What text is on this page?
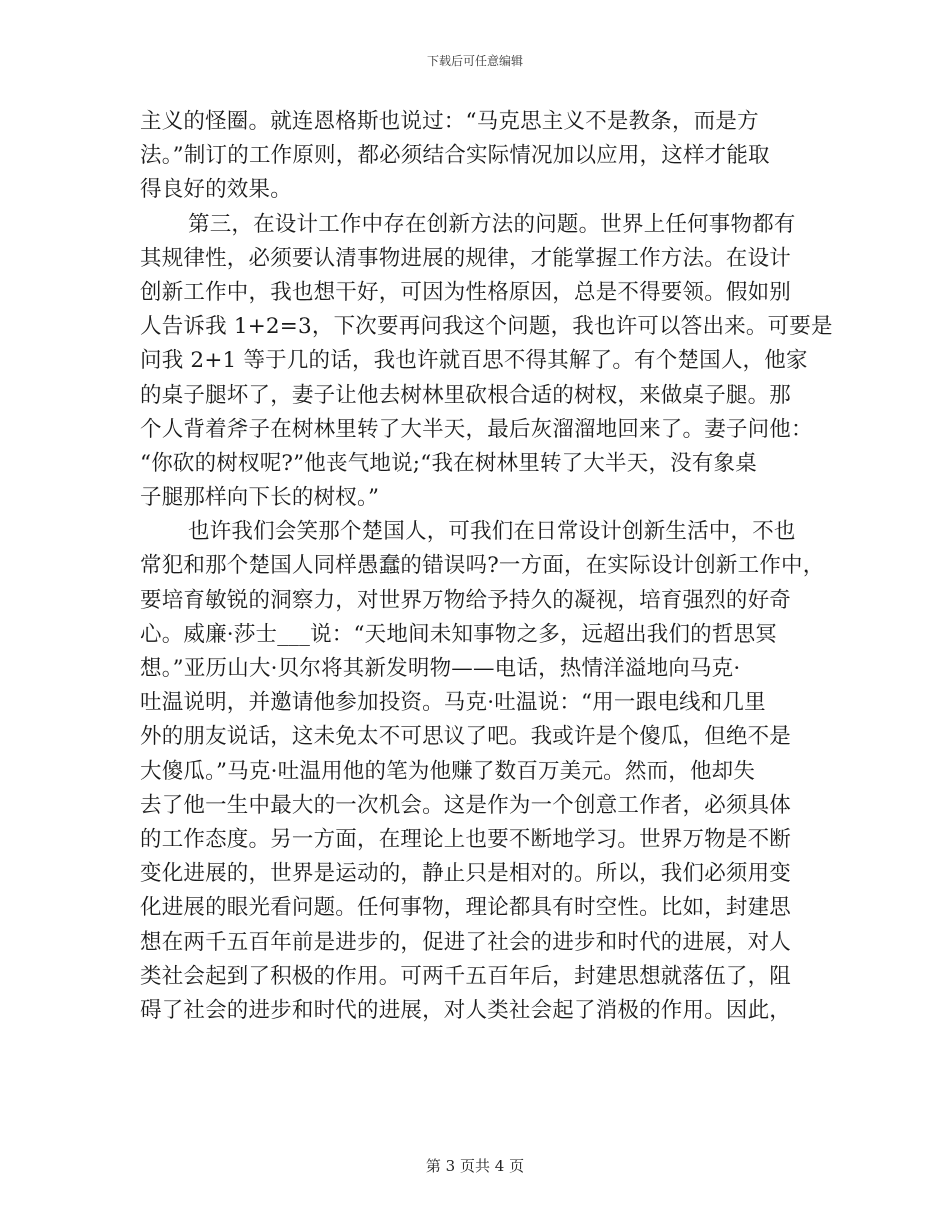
下载后可任意编辑
主义的怪圈。就连恩格斯也说过：“马克思主义不是教条，而是方
法。”制订的工作原则，都必须结合实际情况加以应用，这样才能取
得良好的效果。
第三，在设计工作中存在创新方法的问题。世界上任何事物都有
其规律性，必须要认清事物进展的规律，才能掌握工作方法。在设计
创新工作中，我也想干好，可因为性格原因，总是不得要领。假如别
人告诉我 1+2=3，下次要再问我这个问题，我也许可以答出来。可要是
问我 2+1 等于几的话，我也许就百思不得其解了。有个楚国人，他家
的桌子腿坏了，妻子让他去树林里砍根合适的树杈，来做桌子腿。那
个人背着斧子在树林里转了大半天，最后灰溜溜地回来了。妻子问他：
“你砍的树杈呢?”他丧气地说;“我在树林里转了大半天，没有象桌
子腿那样向下长的树杈。”
也许我们会笑那个楚国人，可我们在日常设计创新生活中，不也
常犯和那个楚国人同样愚蠢的错误吗?一方面，在实际设计创新工作中，
要培育敏锐的洞察力，对世界万物给予持久的凝视，培育强烈的好奇
心。威廉·莎士___说：“天地间未知事物之多，远超出我们的哲思冥
想。”亚历山大·贝尔将其新发明物——电话，热情洋溢地向马克·
吐温说明，并邀请他参加投资。马克·吐温说：“用一跟电线和几里
外的朋友说话，这未免太不可思议了吧。我或许是个傻瓜，但绝不是
大傻瓜。”马克·吐温用他的笔为他赚了数百万美元。然而，他却失
去了他一生中最大的一次机会。这是作为一个创意工作者，必须具体
的工作态度。另一方面，在理论上也要不断地学习。世界万物是不断
变化进展的，世界是运动的，静止只是相对的。所以，我们必须用变
化进展的眼光看问题。任何事物，理论都具有时空性。比如，封建思
想在两千五百年前是进步的，促进了社会的进步和时代的进展，对人
类社会起到了积极的作用。可两千五百年后，封建思想就落伍了，阻
碍了社会的进步和时代的进展，对人类社会起了消极的作用。因此，
第 3 页共 4 页
